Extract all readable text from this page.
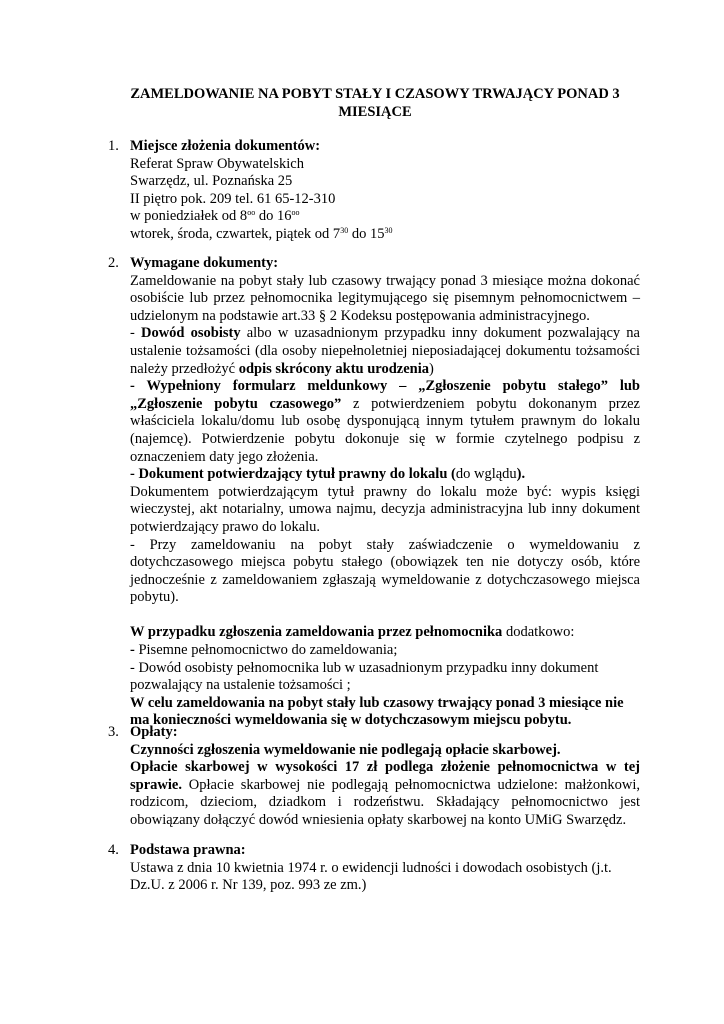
ZAMELDOWANIE NA POBYT STAŁY I CZASOWY TRWAJĄCY PONAD 3 MIESIĄCE
1. Miejsce złożenia dokumentów:
Referat Spraw Obywatelskich
Swarzędz, ul. Poznańska 25
II piętro pok. 209 tel. 61 65-12-310
w poniedziałek od $8^{oo}$ do $16^{oo}$
wtorek, środa, czwartek, piątek od $7^{30}$ do $15^{30}$
2. Wymagane dokumenty:
Zameldowanie na pobyt stały lub czasowy trwający ponad 3 miesiące można dokonać osobiście lub przez pełnomocnika legitymującego się pisemnym pełnomocnictwem – udzielonym na podstawie art.33 § 2 Kodeksu postępowania administracyjnego.
- Dowód osobisty albo w uzasadnionym przypadku inny dokument pozwalający na ustalenie tożsamości (dla osoby niepełnoletniej nieposiadającej dokumentu tożsamości należy przedłożyć odpis skrócony aktu urodzenia)
- Wypełniony formularz meldunkowy – „Zgłoszenie pobytu stałego” lub „Zgłoszenie pobytu czasowego” z potwierdzeniem pobytu dokonanym przez właściciela lokalu/domu lub osobę dysponującą innym tytułem prawnym do lokalu (najemcę). Potwierdzenie pobytu dokonuje się w formie czytelnego podpisu z oznaczeniem daty jego złożenia.
- Dokument potwierdzający tytuł prawny do lokalu (do wglądu).
Dokumentem potwierdzającym tytuł prawny do lokalu może być: wypis księgi wieczystej, akt notarialny, umowa najmu, decyzja administracyjna lub inny dokument potwierdzający prawo do lokalu.
- Przy zameldowaniu na pobyt stały zaświadczenie o wymeldowaniu z dotychczasowego miejsca pobytu stałego (obowiązek ten nie dotyczy osób, które jednocześnie z zameldowaniem zgłaszają wymeldowanie z dotychczasowego miejsca pobytu).
W przypadku zgłoszenia zameldowania przez pełnomocnika dodatkowo:
- Pisemne pełnomocnictwo do zameldowania;
- Dowód osobisty pełnomocnika lub w uzasadnionym przypadku inny dokument pozwalający na ustalenie tożsamości ;
W celu zameldowania na pobyt stały lub czasowy trwający ponad 3 miesiące nie ma konieczności wymeldowania się w dotychczasowym miejscu pobytu.
3. Opłaty:
Czynności zgłoszenia wymeldowanie nie podlegają opłacie skarbowej.
Opłacie skarbowej w wysokości 17 zł podlega złożenie pełnomocnictwa w tej sprawie. Opłacie skarbowej nie podlegają pełnomocnictwa udzielone: małżonkowi, rodzicom, dzieciom, dziadkom i rodzeństwu. Składający pełnomocnictwo jest obowiązany dołączyć dowód wniesienia opłaty skarbowej na konto UMiG Swarzędz.
4. Podstawa prawna:
Ustawa z dnia 10 kwietnia 1974 r. o ewidencji ludności i dowodach osobistych (j.t. Dz.U. z 2006 r. Nr 139, poz. 993 ze zm.)
